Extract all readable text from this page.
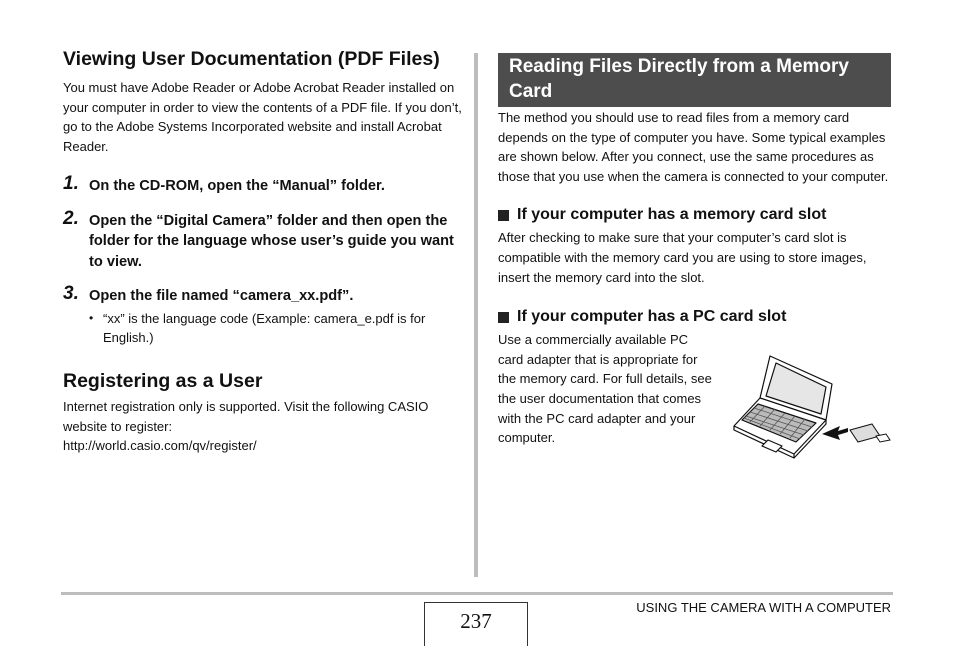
Viewing User Documentation (PDF Files)

You must have Adobe Reader or Adobe Acrobat Reader installed on your computer in order to view the contents of a PDF file. If you don’t, go to the Adobe Systems Incorporated website and install Acrobat Reader.

1. On the CD-ROM, open the “Manual” folder.
2. Open the “Digital Camera” folder and then open the folder for the language whose user’s guide you want to view.
3. Open the file named “camera_xx.pdf”.
• “xx” is the language code (Example: camera_e.pdf is for English.)
Registering as a User

Internet registration only is supported. Visit the following CASIO website to register:

http://world.casio.com/qv/register/

Reading Files Directly from a Memory Card

The method you should use to read files from a memory card depends on the type of computer you have. Some typical examples are shown below. After you connect, use the same procedures as those that you use when the camera is connected to your computer.

If your computer has a memory card slot

After checking to make sure that your computer’s card slot is compatible with the memory card you are using to store images, insert the memory card into the slot.

If your computer has a PC card slot

Use a commercially available PC card adapter that is appropriate for the memory card. For full details, see the user documentation that comes with the PC card adapter and your computer.

237
USING THE CAMERA WITH A COMPUTER
